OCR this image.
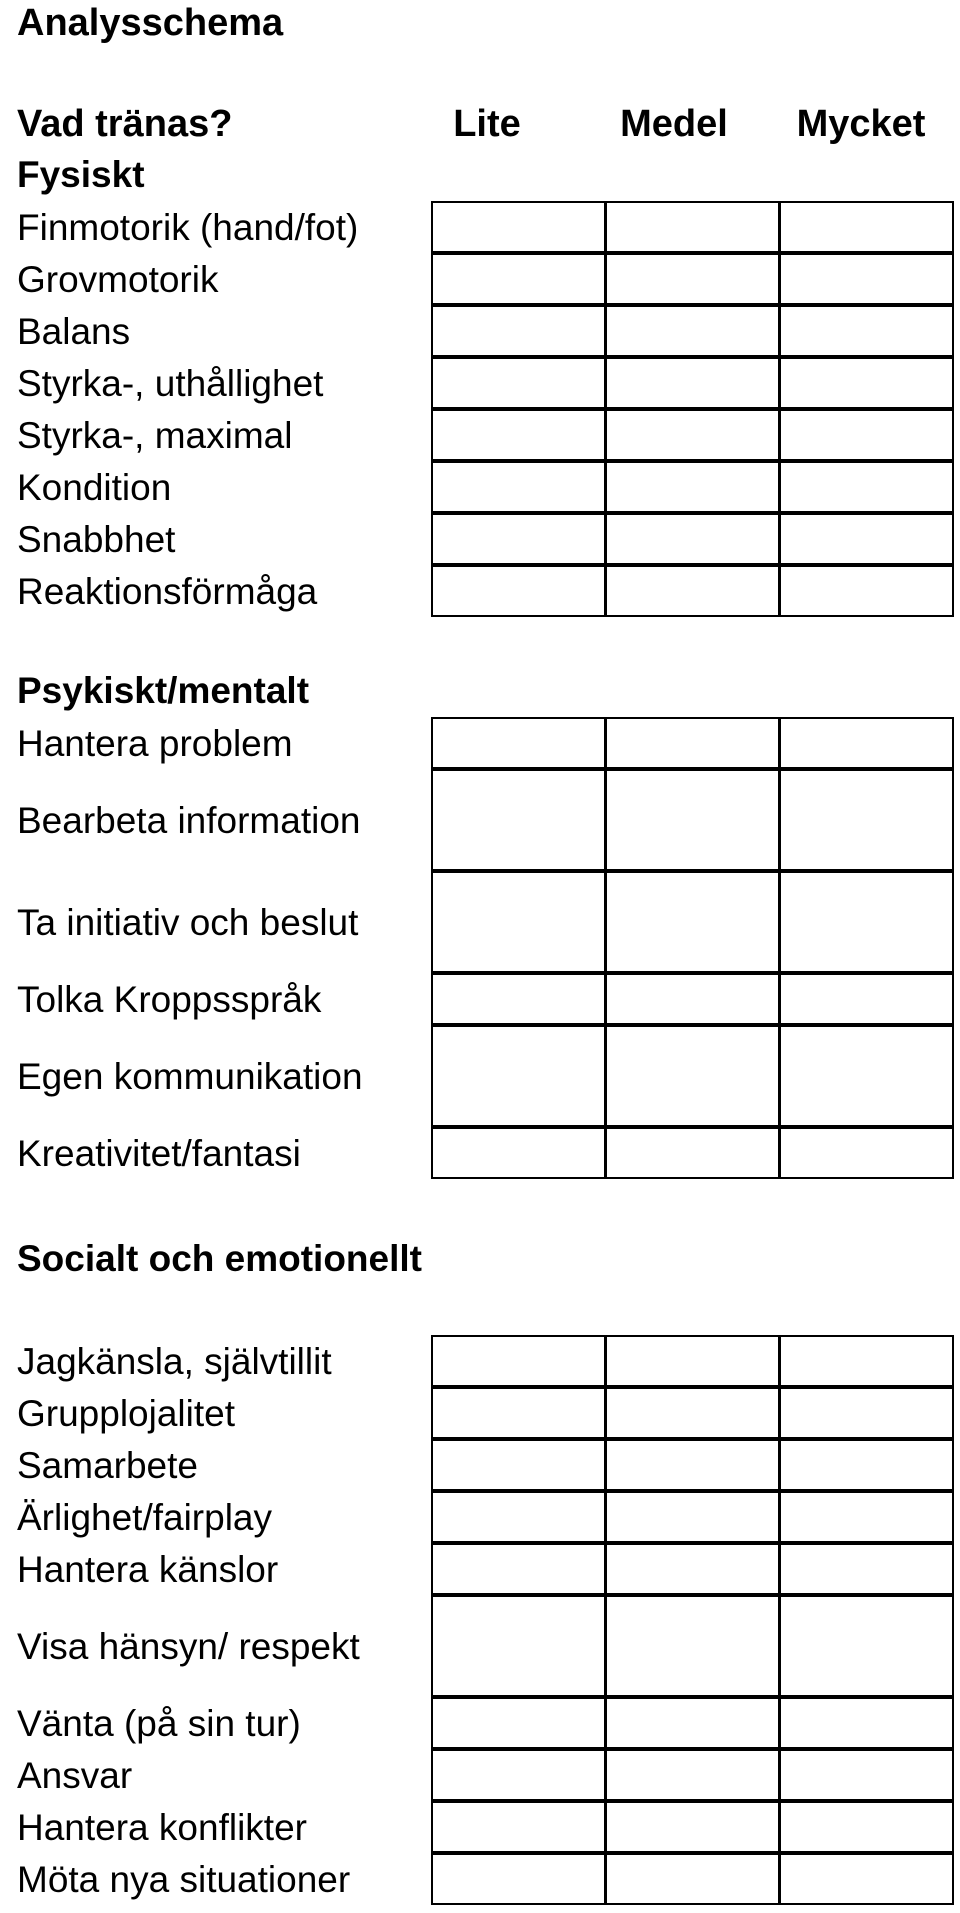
Analysschema
Vad tränas?	Lite	Medel	Mycket
Fysiskt
Finmotorik (hand/fot)
Grovmotorik
Balans
Styrka-, uthållighet
Styrka-, maximal
Kondition
Snabbhet
Reaktionsförmåga
Psykiskt/mentalt
Hantera problem
Bearbeta information
Ta initiativ och beslut
Tolka Kroppsspråk
Egen kommunikation
Kreativitet/fantasi
Socialt och emotionellt
Jagkänsla, självtillit
Grupplojalitet
Samarbete
Ärlighet/fairplay
Hantera känslor
Visa hänsyn/ respekt
Vänta (på sin tur)
Ansvar
Hantera konflikter
Möta nya situationer
